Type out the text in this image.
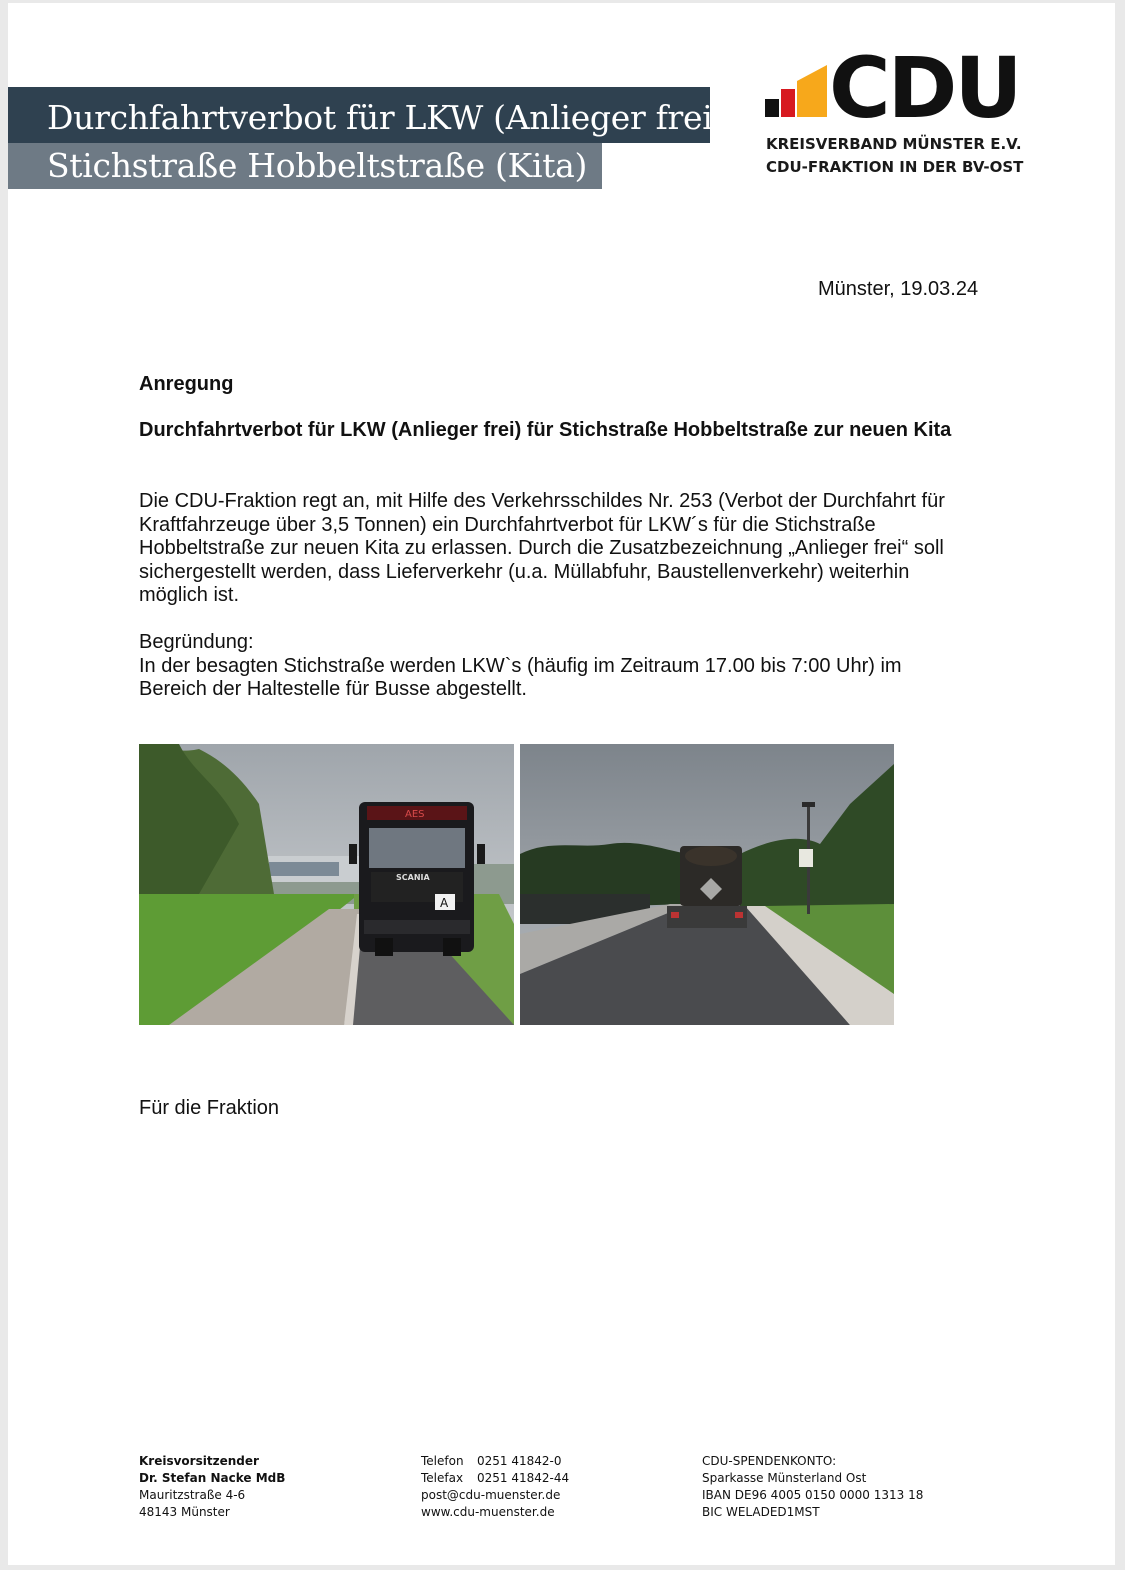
Durchfahrtverbot für LKW (Anlieger frei)
Stichstraße Hobbeltstraße (Kita)
CDU
KREISVERBAND MÜNSTER E.V.
CDU-FRAKTION IN DER BV-OST
Münster, 19.03.24
Anregung
Durchfahrtverbot für LKW (Anlieger frei) für Stichstraße Hobbeltstraße zur neuen Kita
Die CDU-Fraktion regt an, mit Hilfe des Verkehrsschildes Nr. 253 (Verbot der Durchfahrt für
Kraftfahrzeuge über 3,5 Tonnen) ein Durchfahrtverbot für LKW´s für die Stichstraße
Hobbeltstraße zur neuen Kita zu erlassen. Durch die Zusatzbezeichnung „Anlieger frei“ soll
sichergestellt werden, dass Lieferverkehr (u.a. Müllabfuhr, Baustellenverkehr) weiterhin
möglich ist.
Begründung:
In der besagten Stichstraße werden LKW`s (häufig im Zeitraum 17.00 bis 7:00 Uhr) im
Bereich der Haltestelle für Busse abgestellt.
AES
SCANIA
A
Für die Fraktion
Kreisvorsitzender
Dr. Stefan Nacke MdB
Mauritzstraße 4-6
48143 Münster
Telefon 0251 41842-0
Telefax 0251 41842-44
post@cdu-muenster.de
www.cdu-muenster.de
CDU-SPENDENKONTO:
Sparkasse Münsterland Ost
IBAN DE96 4005 0150 0000 1313 18
BIC WELADED1MST
